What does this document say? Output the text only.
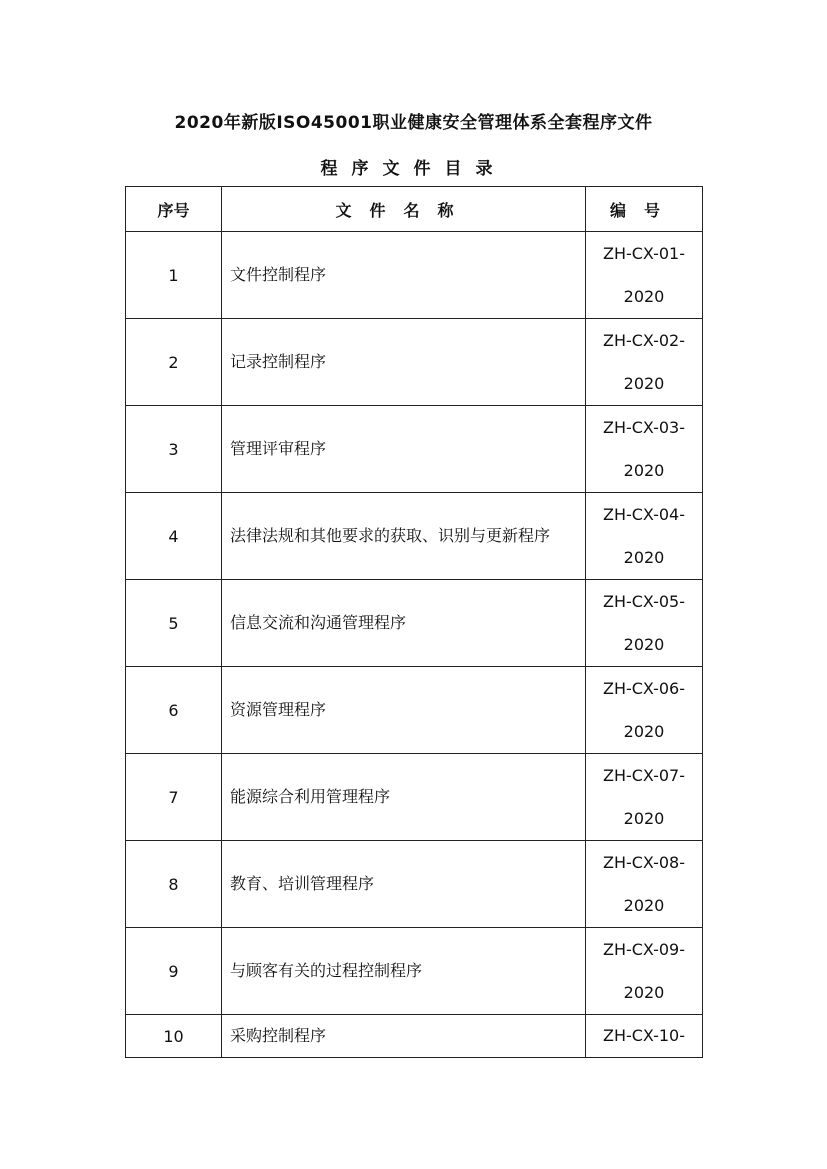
2020年新版ISO45001职业健康安全管理体系全套程序文件
程序文件目录
序号	文件名称	编号
1	文件控制程序	ZH-CX-01-
2020

2	记录控制程序	ZH-CX-02-
2020

3	管理评审程序	ZH-CX-03-
2020

4	法律法规和其他要求的获取、识别与更新程序	ZH-CX-04-
2020

5	信息交流和沟通管理程序	ZH-CX-05-
2020

6	资源管理程序	ZH-CX-06-
2020

7	能源综合利用管理程序	ZH-CX-07-
2020

8	教育、培训管理程序	ZH-CX-08-
2020

9	与顾客有关的过程控制程序	ZH-CX-09-
2020

10	采购控制程序	ZH-CX-10-
